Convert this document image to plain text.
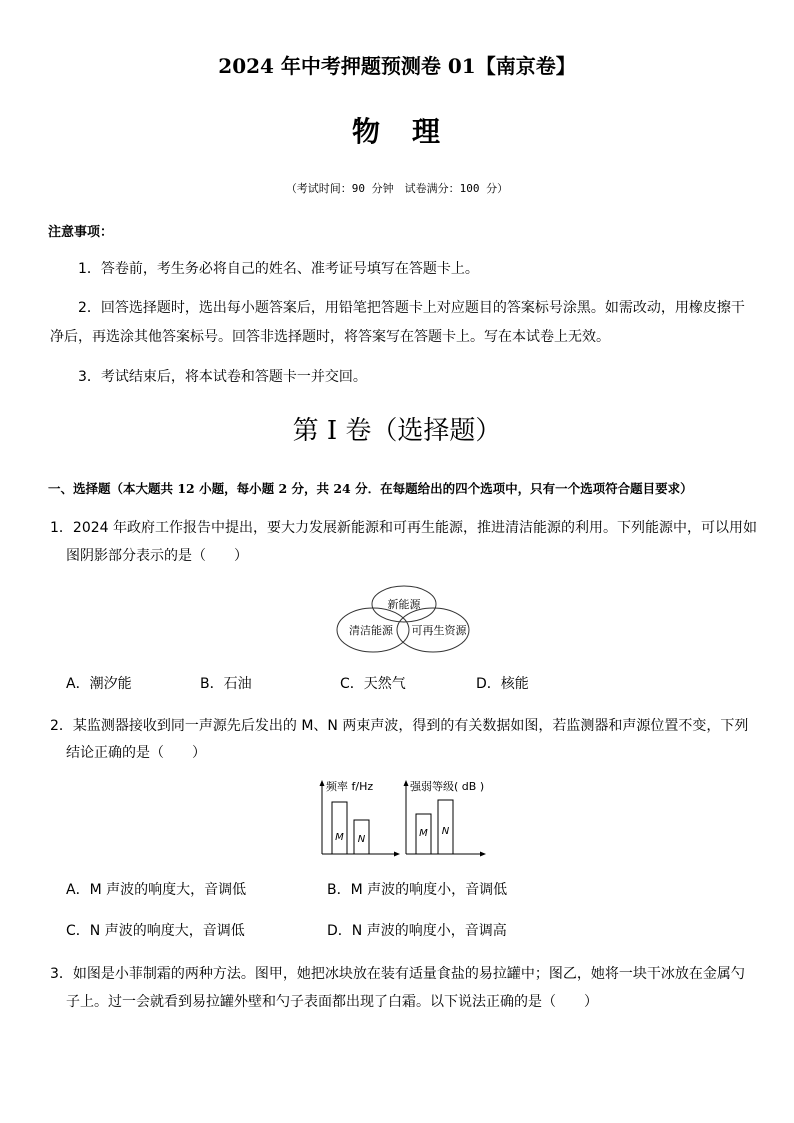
2024 年中考押题预测卷 01【南京卷】
物　理
（考试时间：90 分钟　试卷满分：100 分）
注意事项：
1．答卷前，考生务必将自己的姓名、准考证号填写在答题卡上。
2．回答选择题时，选出每小题答案后，用铅笔把答题卡上对应题目的答案标号涂黑。如需改动，用橡皮擦干
净后，再选涂其他答案标号。回答非选择题时，将答案写在答题卡上。写在本试卷上无效。
3．考试结束后，将本试卷和答题卡一并交回。
第 I 卷（选择题）
一、选择题（本大题共 12 小题，每小题 2 分，共 24 分．在每题给出的四个选项中，只有一个选项符合题目要求）
1．2024 年政府工作报告中提出，要大力发展新能源和可再生能源，推进清洁能源的利用。下列能源中，可以用如
图阴影部分表示的是（　　）
新能源
清洁能源 可再生资源
A．潮汐能	B．石油	C．天然气	D．核能
2．某监测器接收到同一声源先后发出的 M、N 两束声波，得到的有关数据如图，若监测器和声源位置不变，下列
结论正确的是（　　）
频率 f/Hz
M N
强弱等级( dB )
M N
A．M 声波的响度大，音调低	B．M 声波的响度小，音调低
C．N 声波的响度大，音调低	D．N 声波的响度小，音调高
3．如图是小菲制霜的两种方法。图甲，她把冰块放在装有适量食盐的易拉罐中；图乙，她将一块干冰放在金属勺
子上。过一会就看到易拉罐外壁和勺子表面都出现了白霜。以下说法正确的是（　　）
